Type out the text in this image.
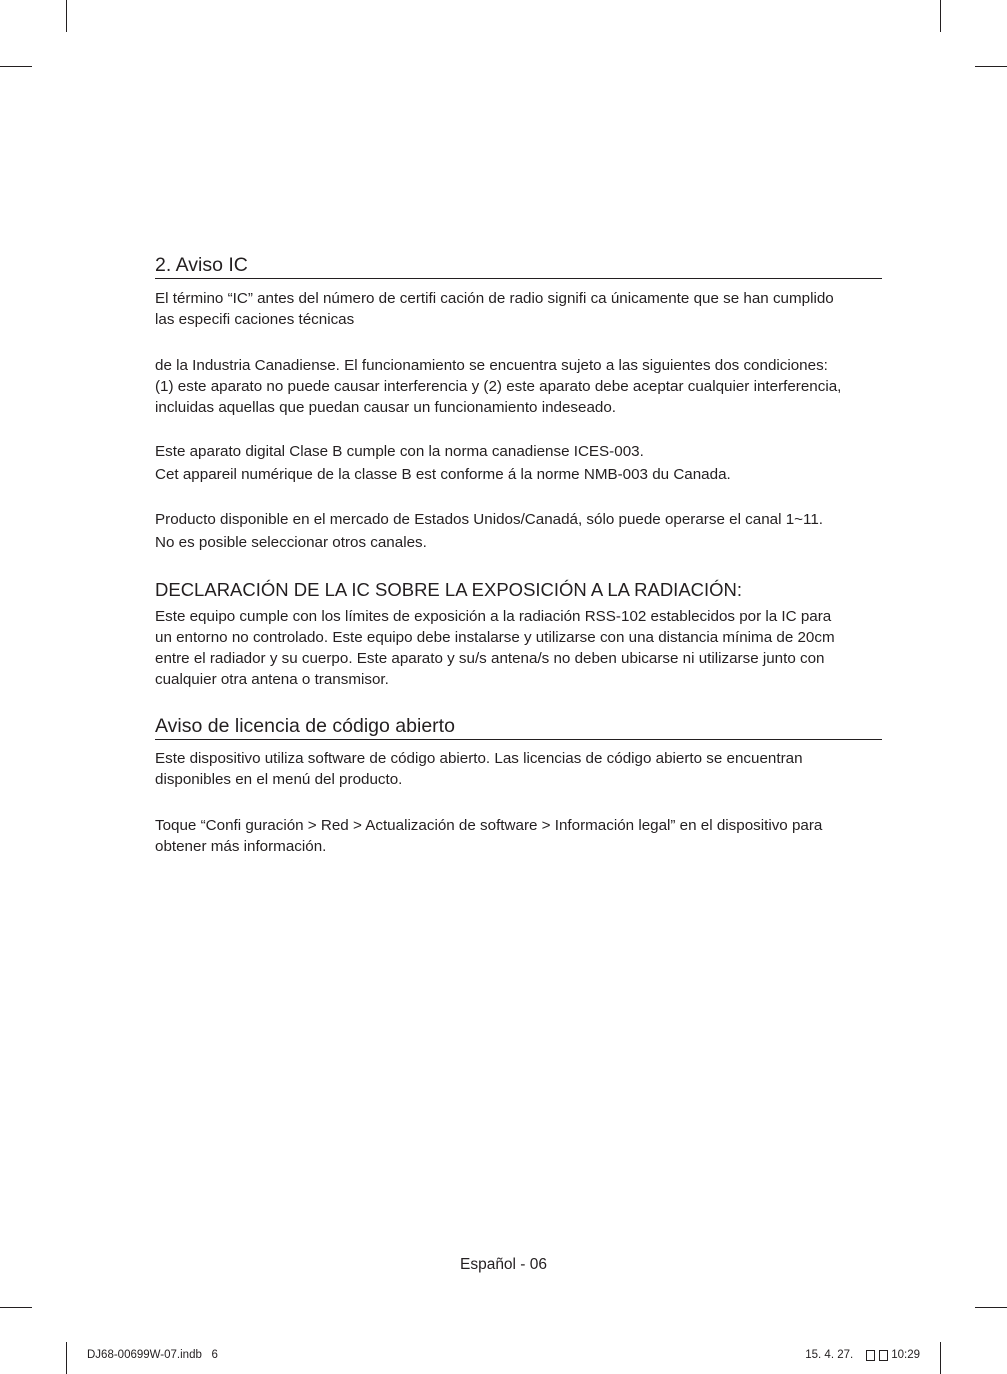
2. Aviso IC

El término “IC” antes del número de certifi cación de radio signifi ca únicamente que se han cumplido

las especifi caciones técnicas

de la Industria Canadiense. El funcionamiento se encuentra sujeto a las siguientes dos condiciones:

(1) este aparato no puede causar interferencia y (2) este aparato debe aceptar cualquier interferencia,

incluidas aquellas que puedan causar un funcionamiento indeseado.

Este aparato digital Clase B cumple con la norma canadiense ICES-003.

Cet appareil numérique de la classe B est conforme á la norme NMB-003 du Canada.

Producto disponible en el mercado de Estados Unidos/Canadá, sólo puede operarse el canal 1~11.

No es posible seleccionar otros canales.

DECLARACIÓN DE LA IC SOBRE LA EXPOSICIÓN A LA RADIACIÓN:

Este equipo cumple con los límites de exposición a la radiación RSS-102 establecidos por la IC para

un entorno no controlado. Este equipo debe instalarse y utilizarse con una distancia mínima de 20cm

entre el radiador y su cuerpo. Este aparato y su/s antena/s no deben ubicarse ni utilizarse junto con

cualquier otra antena o transmisor.

Aviso de licencia de código abierto

Este dispositivo utiliza software de código abierto. Las licencias de código abierto se encuentran

disponibles en el menú del producto.

Toque “Confi guración > Red > Actualización de software > Información legal” en el dispositivo para

obtener más información.

Español - 06
DJ68-00699W-07.indb   6	15. 4. 27.	10:29
